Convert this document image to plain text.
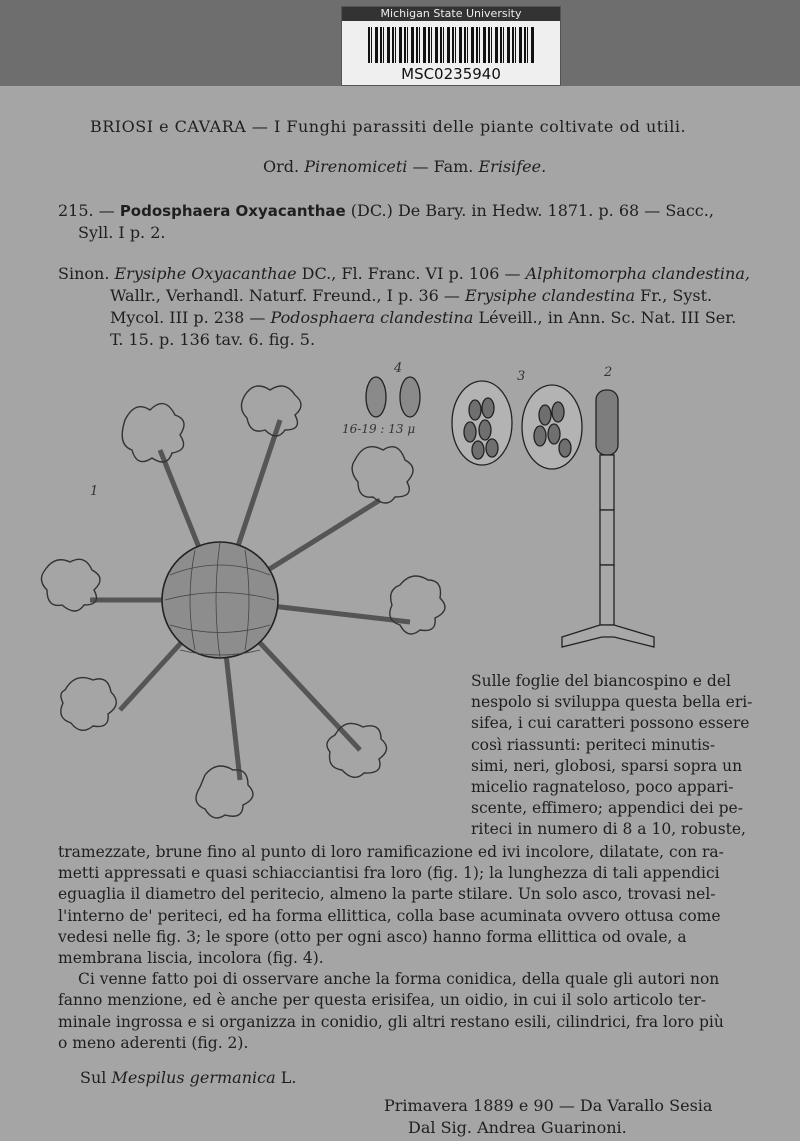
Michigan State University
MSC0235940
BRIOSI e CAVARA — I Funghi parassiti delle piante coltivate od utili.
Ord. Pirenomiceti — Fam. Erisifee.
215. — Podosphaera Oxyacanthae (DC.) De Bary. in Hedw. 1871. p. 68 — Sacc.,
Syll. I p. 2.
Sinon. Erysiphe Oxyacanthae DC., Fl. Franc. VI p. 106 — Alphitomorpha clandestina,
Wallr., Verhandl. Naturf. Freund., I p. 36 — Erysiphe clandestina Fr., Syst.
Mycol. III p. 238 — Podosphaera clandestina Léveill., in Ann. Sc. Nat. III Ser.
T. 15. p. 136 tav. 6. fig. 5.
1
4
16-19 : 13 μ
3	2
Sulle foglie del biancospino e del
nespolo si sviluppa questa bella eri-
sifea, i cui caratteri possono essere
così riassunti: periteci minutis-
simi, neri, globosi, sparsi sopra un
micelio ragnateloso, poco appari-
scente, effimero; appendici dei pe-
riteci in numero di 8 a 10, robuste,
tramezzate, brune fino al punto di loro ramificazione ed ivi incolore, dilatate, con ra-
metti appressati e quasi schiacciantisi fra loro (fig. 1); la lunghezza di tali appendici
eguaglia il diametro del peritecio, almeno la parte stilare. Un solo asco, trovasi nel-
l'interno de' periteci, ed ha forma ellittica, colla base acuminata ovvero ottusa come
vedesi nelle fig. 3; le spore (otto per ogni asco) hanno forma ellittica od ovale, a
membrana liscia, incolora (fig. 4).
Ci venne fatto poi di osservare anche la forma conidica, della quale gli autori non
fanno menzione, ed è anche per questa erisifea, un oidio, in cui il solo articolo ter-
minale ingrossa e si organizza in conidio, gli altri restano esili, cilindrici, fra loro più
o meno aderenti (fig. 2).
Sul Mespilus germanica L.
Primavera 1889 e 90 — Da Varallo Sesia
Dal Sig. Andrea Guarinoni.
